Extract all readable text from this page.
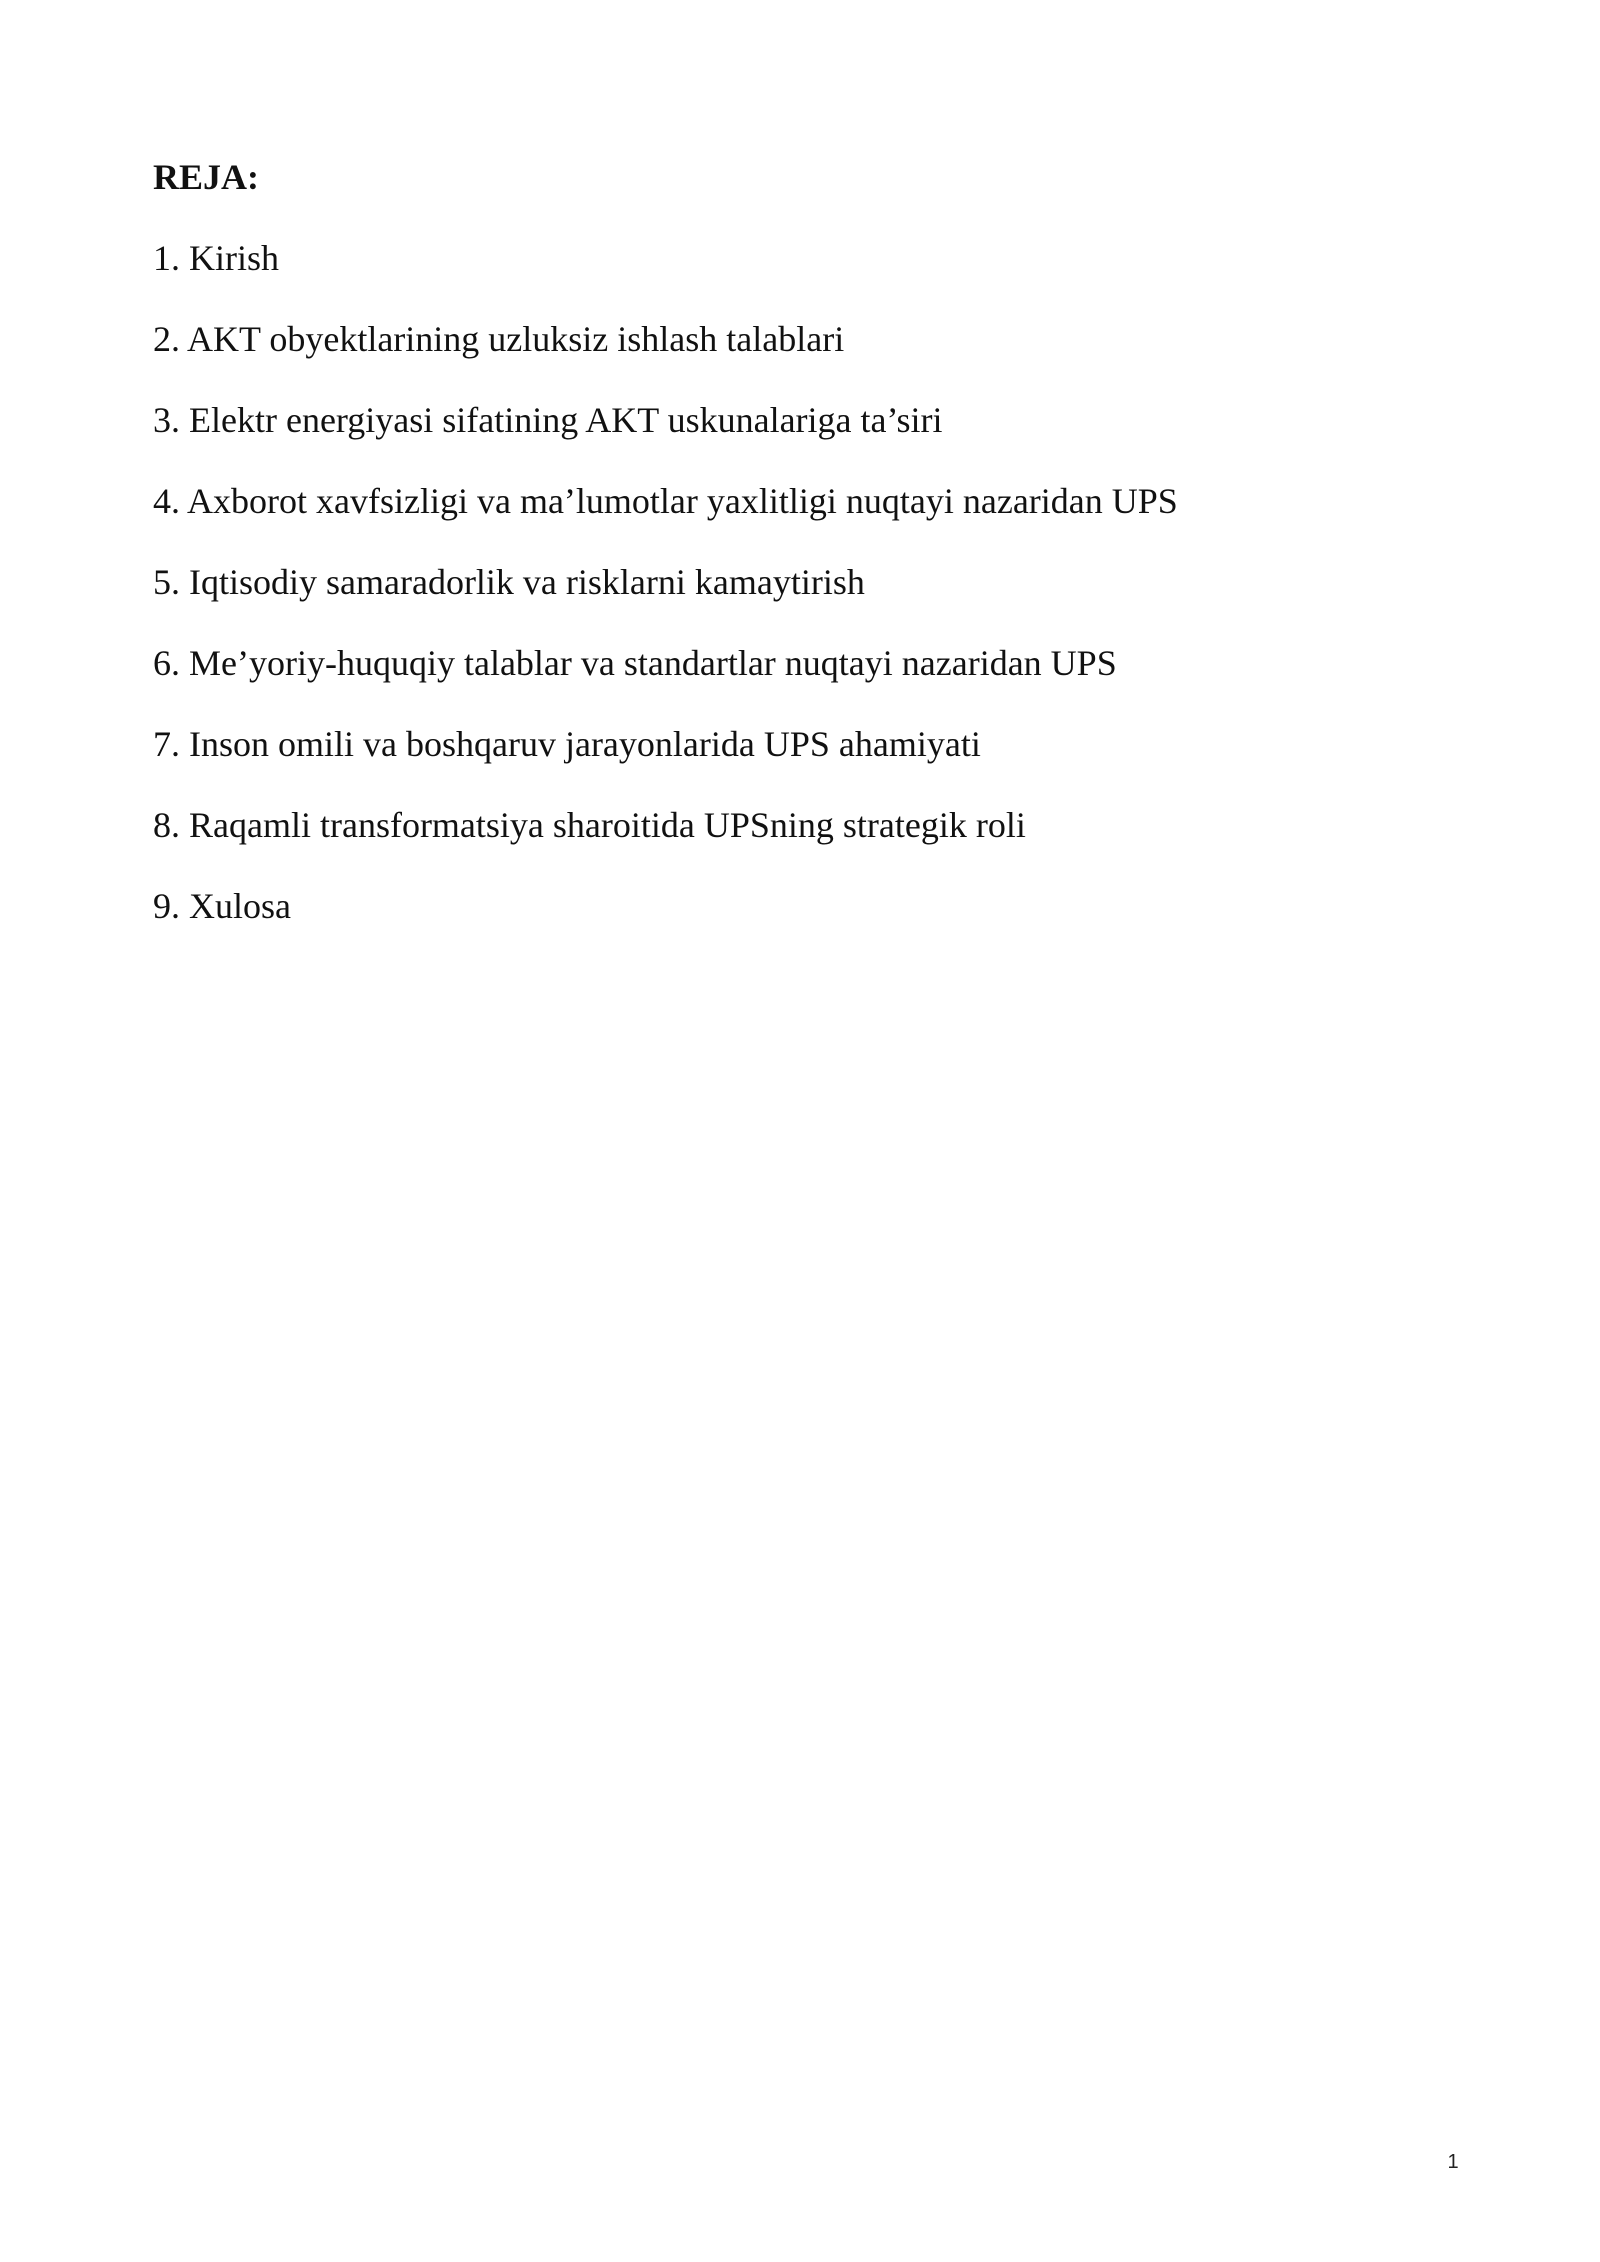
REJA:
1. Kirish
2. AKT obyektlarining uzluksiz ishlash talablari
3. Elektr energiyasi sifatining AKT uskunalariga ta’siri
4. Axborot xavfsizligi va ma’lumotlar yaxlitligi nuqtayi nazaridan UPS
5. Iqtisodiy samaradorlik va risklarni kamaytirish
6. Me’yoriy-huquqiy talablar va standartlar nuqtayi nazaridan UPS
7. Inson omili va boshqaruv jarayonlarida UPS ahamiyati
8. Raqamli transformatsiya sharoitida UPSning strategik roli
9. Xulosa
1
